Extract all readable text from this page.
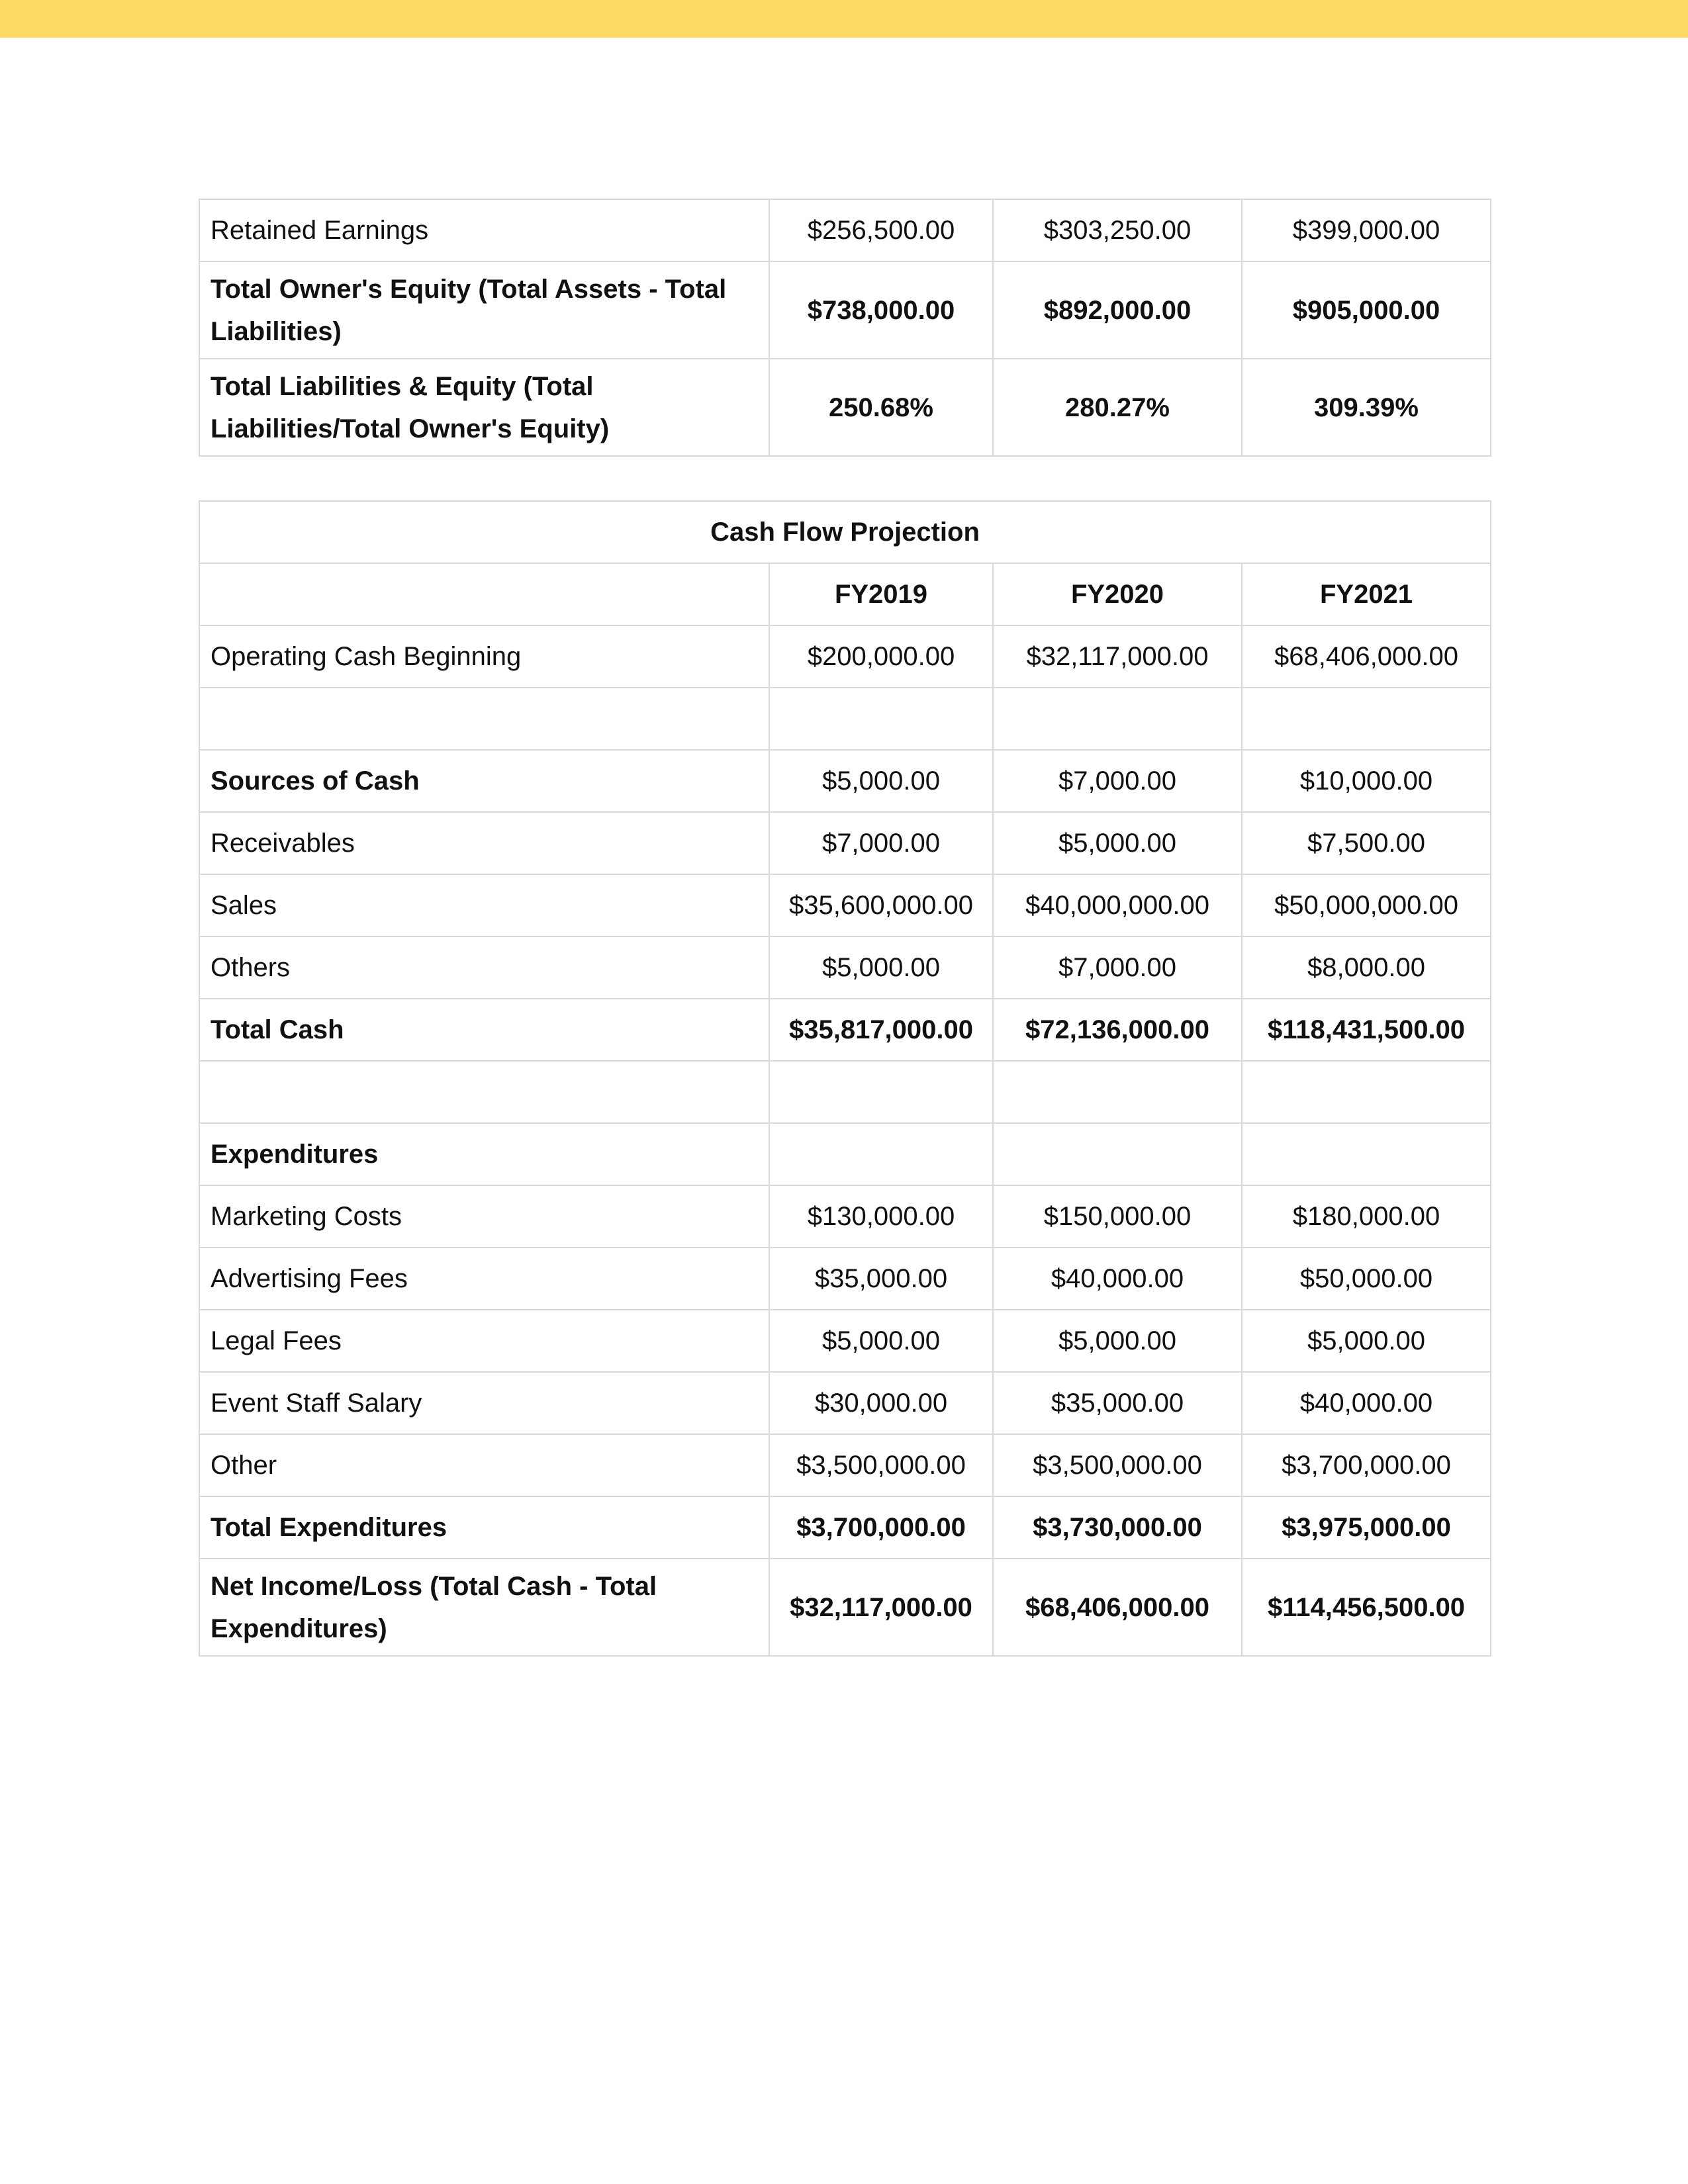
Retained Earnings	$256,500.00	$303,250.00	$399,000.00
Total Owner's Equity (Total Assets - Total Liabilities)	$738,000.00	$892,000.00	$905,000.00
Total Liabilities & Equity (Total Liabilities/Total Owner's Equity)	250.68%	280.27%	309.39%
Cash Flow Projection			
	FY2019	FY2020	FY2021
Operating Cash Beginning	$200,000.00	$32,117,000.00	$68,406,000.00

Sources of Cash	$5,000.00	$7,000.00	$10,000.00
Receivables	$7,000.00	$5,000.00	$7,500.00
Sales	$35,600,000.00	$40,000,000.00	$50,000,000.00
Others	$5,000.00	$7,000.00	$8,000.00
Total Cash	$35,817,000.00	$72,136,000.00	$118,431,500.00

Expenditures			
Marketing Costs	$130,000.00	$150,000.00	$180,000.00
Advertising Fees	$35,000.00	$40,000.00	$50,000.00
Legal Fees	$5,000.00	$5,000.00	$5,000.00
Event Staff Salary	$30,000.00	$35,000.00	$40,000.00
Other	$3,500,000.00	$3,500,000.00	$3,700,000.00
Total Expenditures	$3,700,000.00	$3,730,000.00	$3,975,000.00
Net Income/Loss (Total Cash - Total Expenditures)	$32,117,000.00	$68,406,000.00	$114,456,500.00
